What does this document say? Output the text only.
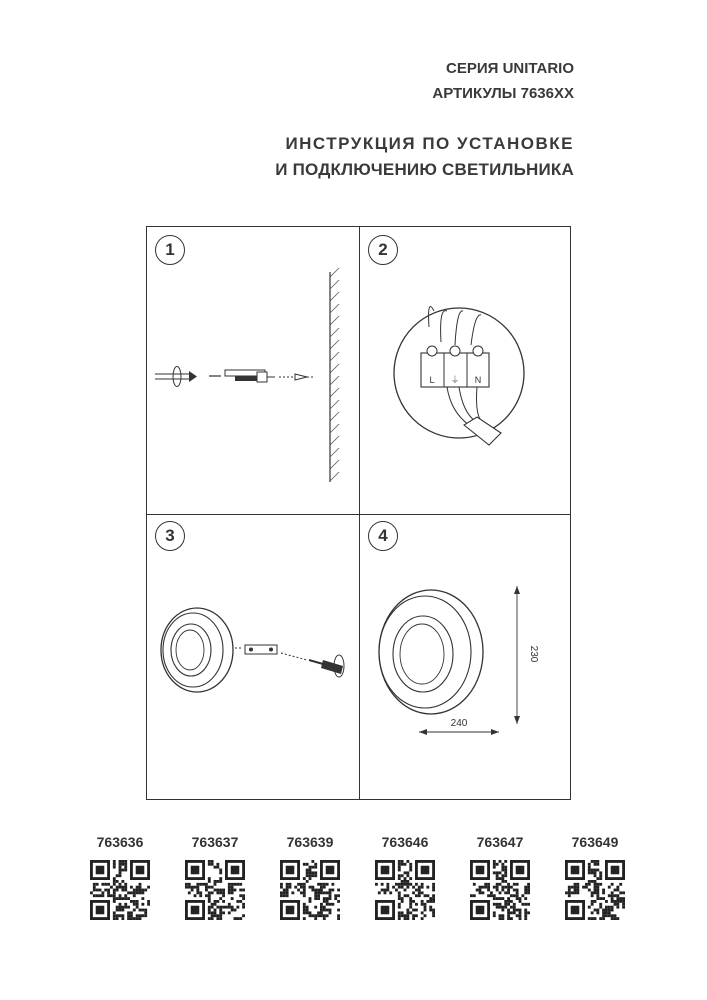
СЕРИЯ UNITARIO
АРТИКУЛЫ 7636XX
ИНСТРУКЦИЯ ПО УСТАНОВКЕ
И ПОДКЛЮЧЕНИЮ СВЕТИЛЬНИКА
1	2
3	4
L ⏚ N
230
240
763636	763637	763639	763646	763647	763649
